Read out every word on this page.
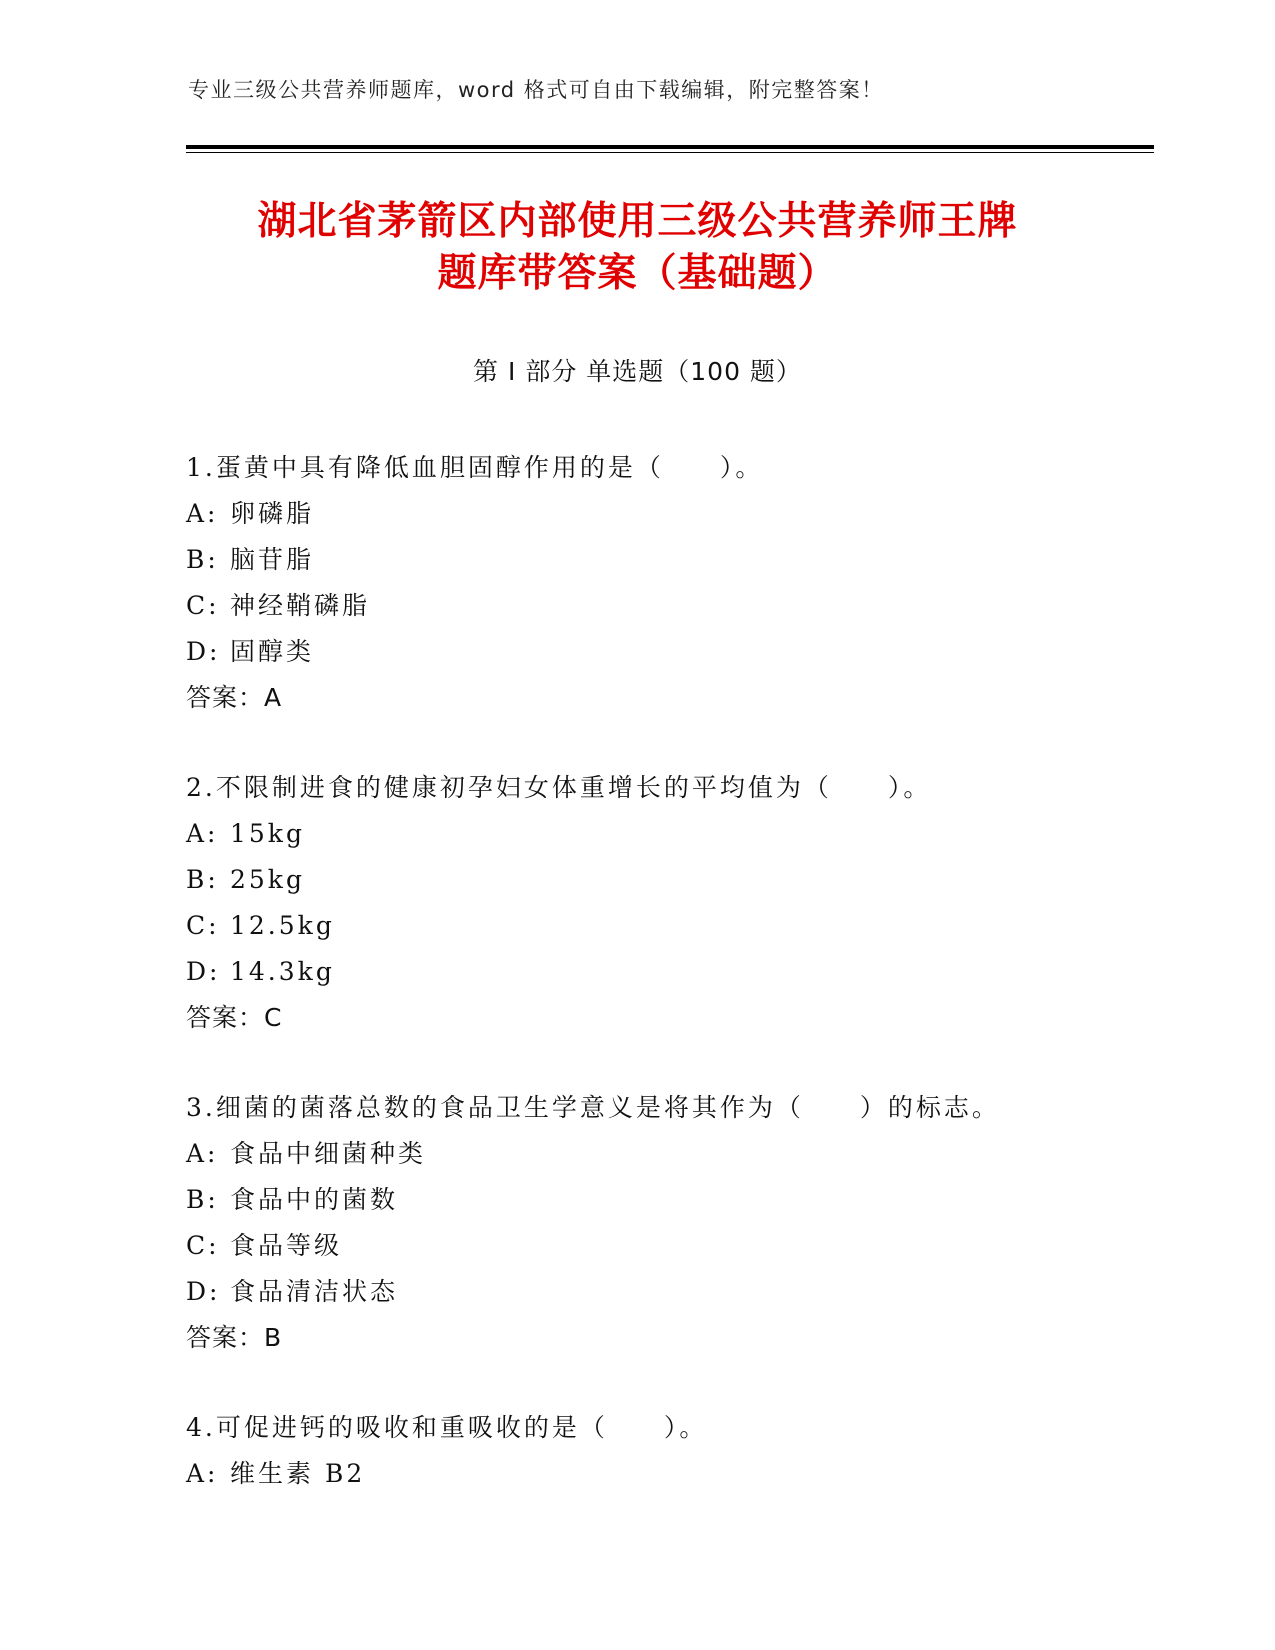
专业三级公共营养师题库，word 格式可自由下载编辑，附完整答案！
湖北省茅箭区内部使用三级公共营养师王牌
题库带答案（基础题）
第 I 部分 单选题（100 题）
1.蛋黄中具有降低血胆固醇作用的是（　　）。
A: 卵磷脂
B: 脑苷脂
C: 神经鞘磷脂
D: 固醇类
答案：A
2.不限制进食的健康初孕妇女体重增长的平均值为（　　）。
A: 15kg
B: 25kg
C: 12.5kg
D: 14.3kg
答案：C
3.细菌的菌落总数的食品卫生学意义是将其作为（　　）的标志。
A: 食品中细菌种类
B: 食品中的菌数
C: 食品等级
D: 食品清洁状态
答案：B
4.可促进钙的吸收和重吸收的是（　　）。
A: 维生素 B2
